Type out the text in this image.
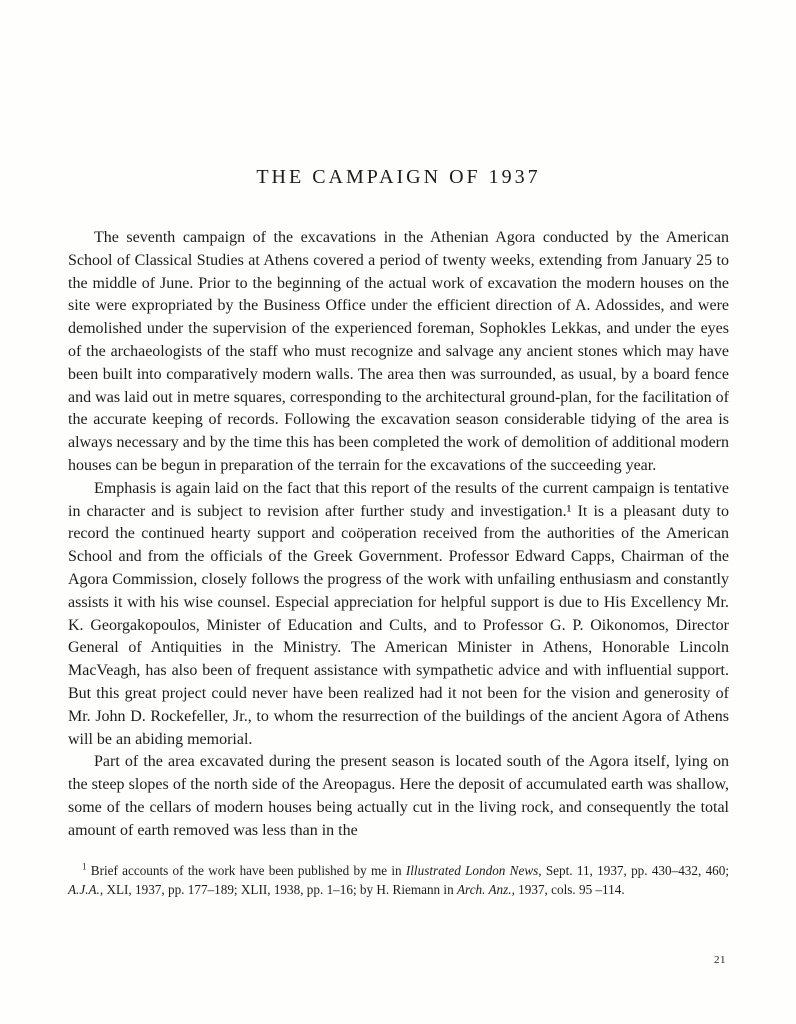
THE CAMPAIGN OF 1937

The seventh campaign of the excavations in the Athenian Agora conducted by the American School of Classical Studies at Athens covered a period of twenty weeks, extending from January 25 to the middle of June. Prior to the beginning of the actual work of excavation the modern houses on the site were expropriated by the Business Office under the efficient direction of A. Adossides, and were demolished under the supervision of the experienced foreman, Sophokles Lekkas, and under the eyes of the archaeologists of the staff who must recognize and salvage any ancient stones which may have been built into comparatively modern walls. The area then was surrounded, as usual, by a board fence and was laid out in metre squares, corresponding to the architectural ground-plan, for the facilitation of the accurate keeping of records. Following the excavation season considerable tidying of the area is always necessary and by the time this has been completed the work of demolition of additional modern houses can be begun in preparation of the terrain for the excavations of the succeeding year.

Emphasis is again laid on the fact that this report of the results of the current campaign is tentative in character and is subject to revision after further study and investigation.¹ It is a pleasant duty to record the continued hearty support and coöperation received from the authorities of the American School and from the officials of the Greek Government. Professor Edward Capps, Chairman of the Agora Commission, closely follows the progress of the work with unfailing enthusiasm and constantly assists it with his wise counsel. Especial appreciation for helpful support is due to His Excellency Mr. K. Georgakopoulos, Minister of Education and Cults, and to Professor G. P. Oikonomos, Director General of Antiquities in the Ministry. The American Minister in Athens, Honorable Lincoln MacVeagh, has also been of frequent assistance with sympathetic advice and with influential support. But this great project could never have been realized had it not been for the vision and generosity of Mr. John D. Rockefeller, Jr., to whom the resurrection of the buildings of the ancient Agora of Athens will be an abiding memorial.

Part of the area excavated during the present season is located south of the Agora itself, lying on the steep slopes of the north side of the Areopagus. Here the deposit of accumulated earth was shallow, some of the cellars of modern houses being actually cut in the living rock, and consequently the total amount of earth removed was less than in the

$^1$ Brief accounts of the work have been published by me in Illustrated London News, Sept. 11, 1937, pp. 430–432, 460; A.J.A., XLI, 1937, pp. 177–189; XLII, 1938, pp. 1–16; by H. Riemann in Arch. Anz., 1937, cols. 95 –114.
21
